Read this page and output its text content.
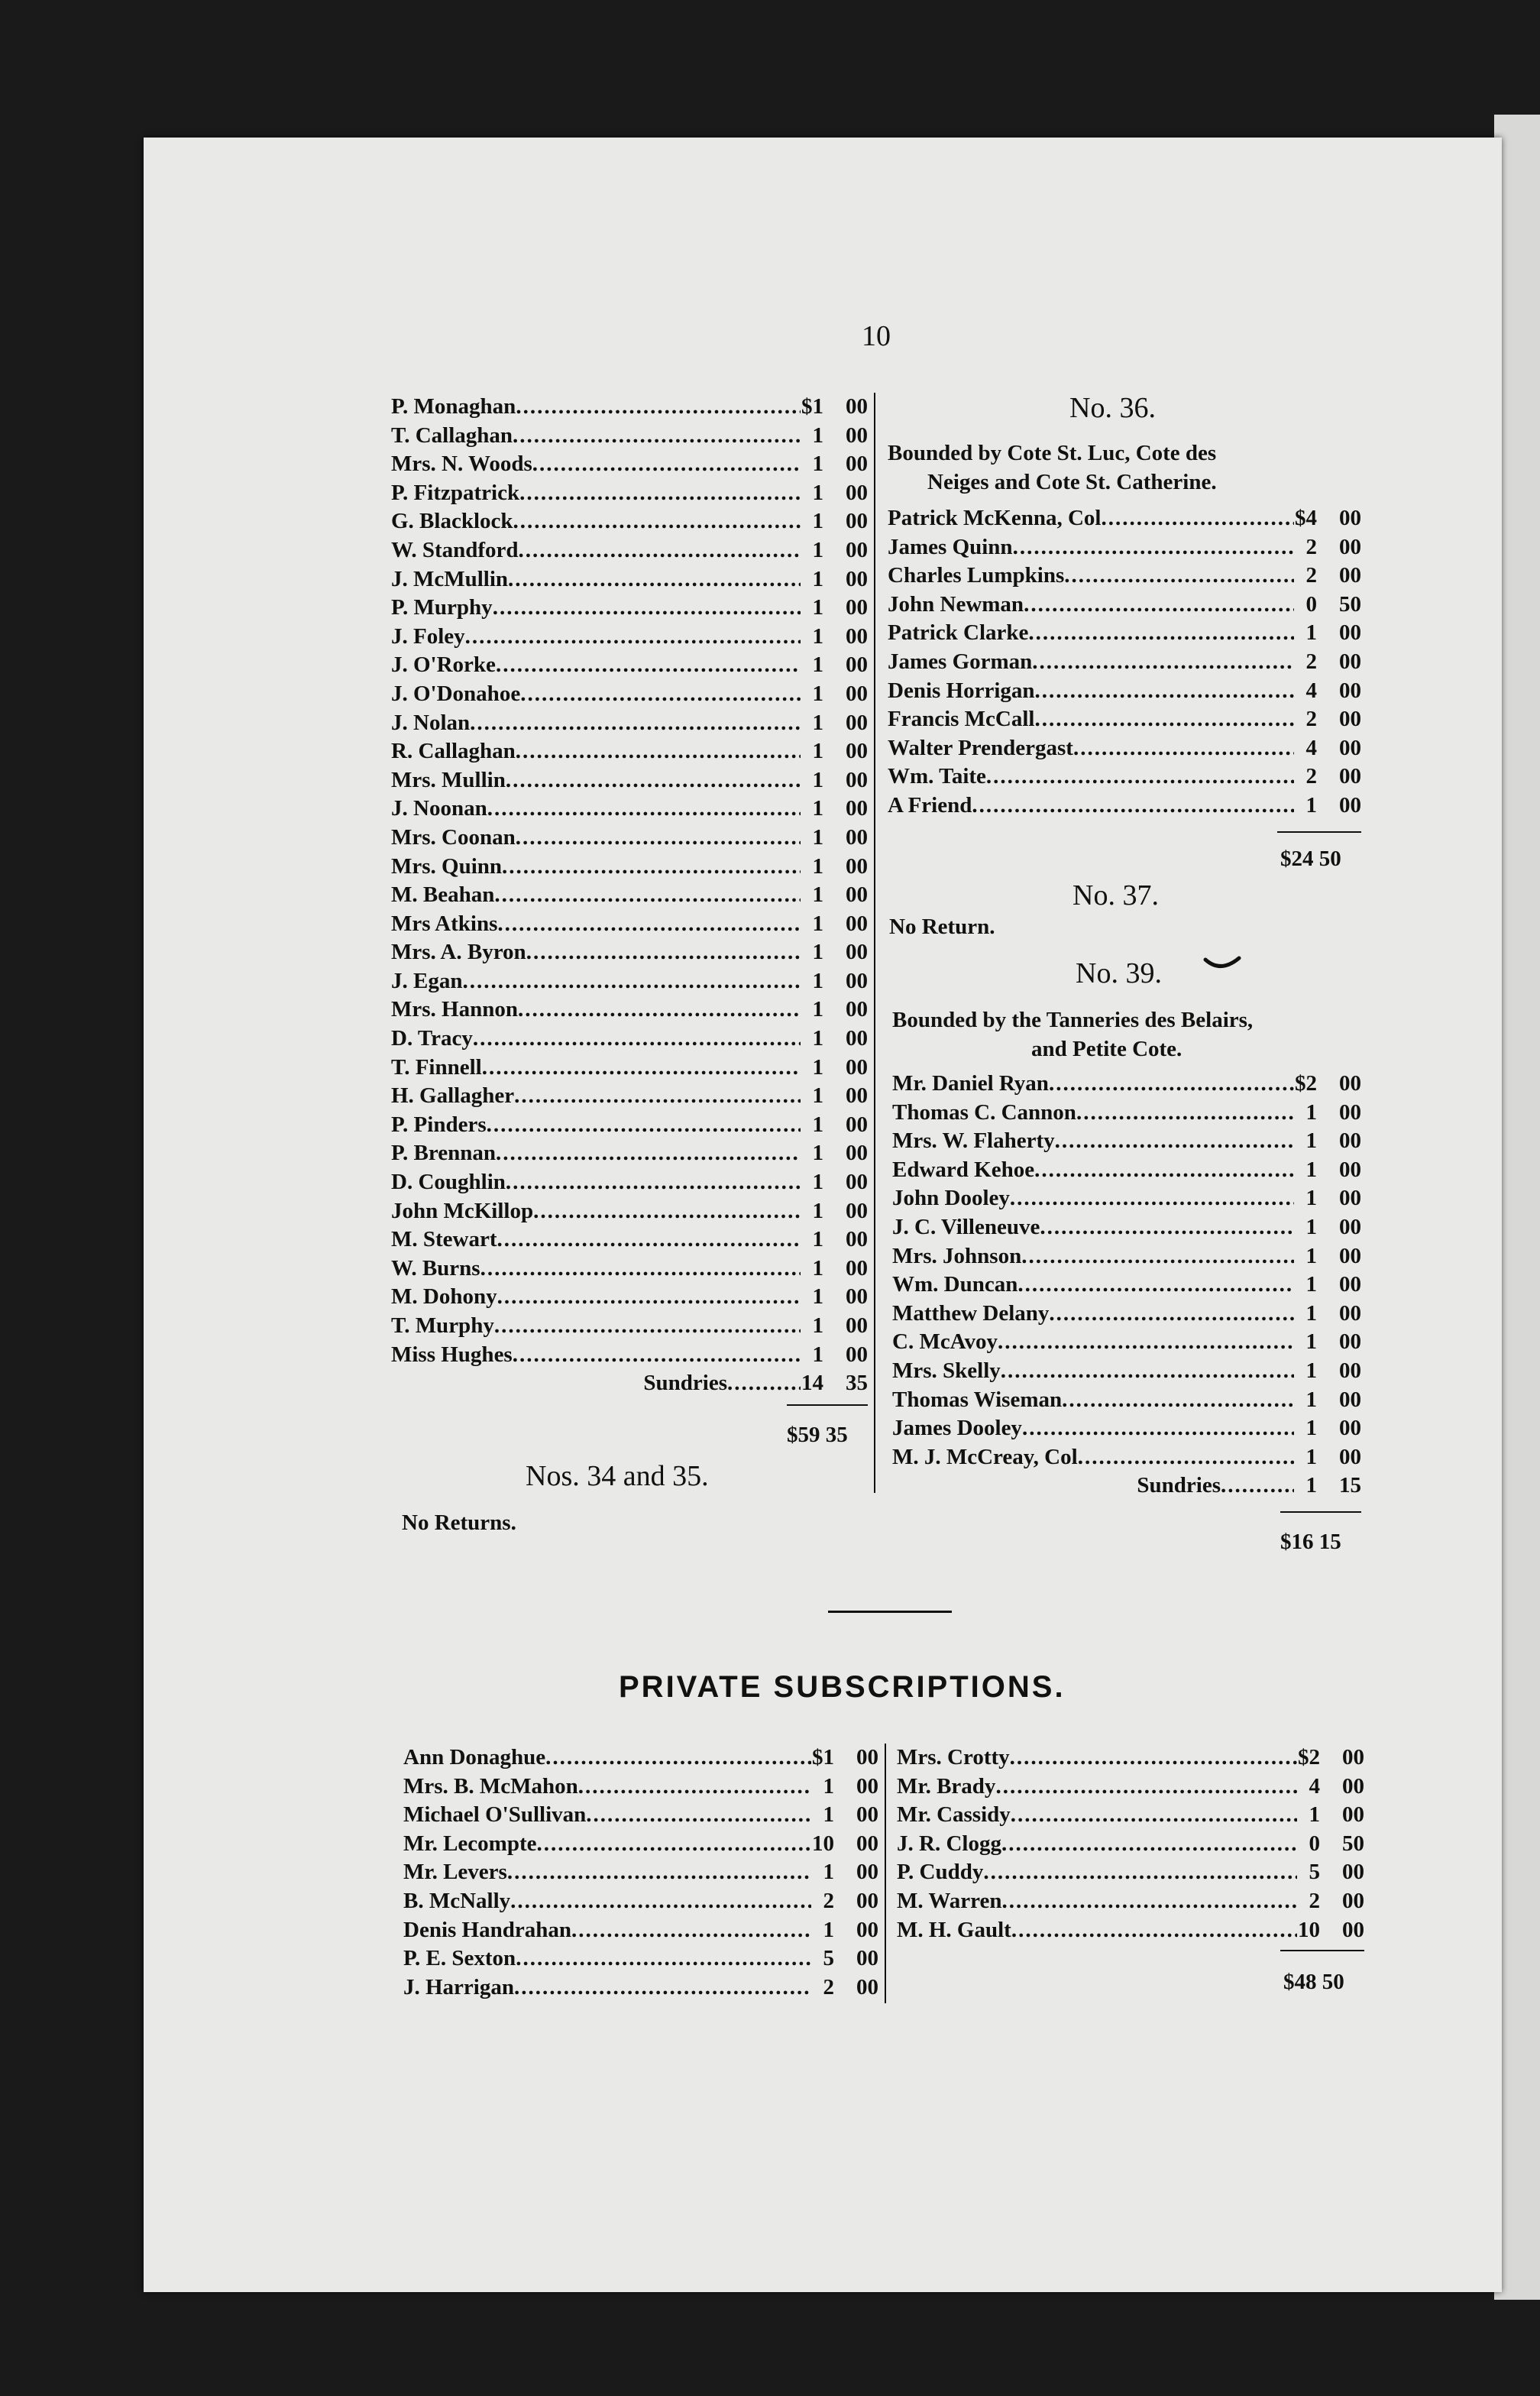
10
P. Monaghan .....	$1 00
T. Callaghan .....	1 00
Mrs. N. Woods .....	1 00
P. Fitzpatrick .....	1 00
G. Blacklock .....	1 00
W. Standford .....	1 00
J. McMullin .....	1 00
P. Murphy .....	1 00
J. Foley .....	1 00
J. O'Rorke .....	1 00
J. O'Donahoe .....	1 00
J. Nolan .....	1 00
R. Callaghan .....	1 00
Mrs. Mullin .....	1 00
J. Noonan .....	1 00
Mrs. Coonan .....	1 00
Mrs. Quinn .....	1 00
M. Beahan .....	1 00
Mrs Atkins .....	1 00
Mrs. A. Byron .....	1 00
J. Egan .....	1 00
Mrs. Hannon .....	1 00
D. Tracy .....	1 00
T. Finnell .....	1 00
H. Gallagher .....	1 00
P. Pinders .....	1 00
P. Brennan .....	1 00
D. Coughlin .....	1 00
John McKillop .....	1 00
M. Stewart .....	1 00
W. Burns .....	1 00
M. Dohony .....	1 00
T. Murphy .....	1 00
Miss Hughes .....	1 00
Sundries .....	14 35
$59 35
Nos. 34 and 35.
No Returns.
No. 36.
Bounded by Cote St. Luc, Cote des
Neiges and Cote St. Catherine.
Patrick McKenna, Col .....	$4 00
James Quinn .....	2 00
Charles Lumpkins .....	2 00
John Newman .....	0 50
Patrick Clarke .....	1 00
James Gorman .....	2 00
Denis Horrigan .....	4 00
Francis McCall .....	2 00
Walter Prendergast .....	4 00
Wm. Taite .....	2 00
A Friend .....	1 00
$24 50
No. 37.
No Return.
No. 39.
Bounded by the Tanneries des Belairs,
and Petite Cote.
Mr. Daniel Ryan .....	$2 00
Thomas C. Cannon .....	1 00
Mrs. W. Flaherty .....	1 00
Edward Kehoe .....	1 00
John Dooley .....	1 00
J. C. Villeneuve .....	1 00
Mrs. Johnson .....	1 00
Wm. Duncan .....	1 00
Matthew Delany .....	1 00
C. McAvoy .....	1 00
Mrs. Skelly .....	1 00
Thomas Wiseman .....	1 00
James Dooley .....	1 00
M. J. McCreay, Col .....	1 00
Sundries .....	1 15
$16 15
PRIVATE SUBSCRIPTIONS.
Ann Donaghue .....	$1 00
Mrs. B. McMahon .....	1 00
Michael O'Sullivan .....	1 00
Mr. Lecompte .....	10 00
Mr. Levers .....	1 00
B. McNally .....	2 00
Denis Handrahan .....	1 00
P. E. Sexton .....	5 00
J. Harrigan .....	2 00
Mrs. Crotty .....	$2 00
Mr. Brady .....	4 00
Mr. Cassidy .....	1 00
J. R. Clogg .....	0 50
P. Cuddy .....	5 00
M. Warren .....	2 00
M. H. Gault .....	10 00
$48 50
